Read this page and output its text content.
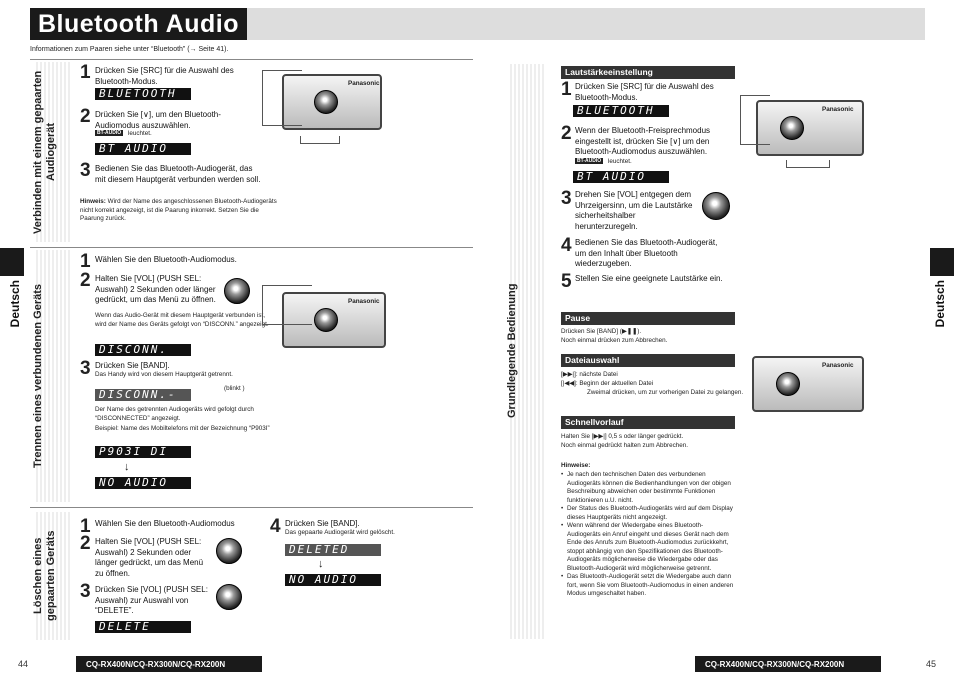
Bluetooth Audio
Informationen zum Paaren siehe unter “Bluetooth” (→ Seite 41).
Verbinden mit einem gepaarten Audiogerät
1 Drücken Sie [SRC] für die Auswahl des Bluetooth-Modus.
BLUETOOTH
2 Drücken Sie [∨], um den Bluetooth-Audiomodus auszuwählen.
BT-AUDIO	leuchtet.
BT AUDIO
3 Bedienen Sie das Bluetooth-Audiogerät, das mit diesem Hauptgerät verbunden werden soll.
Hinweis: Wird der Name des angeschlossenen Bluetooth-Audiogeräts nicht korrekt angezeigt, ist die Paarung inkorrekt. Setzen Sie die Paarung zurück.
Panasonic
Trennen eines verbundenen Geräts
Deutsch
1 Wählen Sie den Bluetooth-Audiomodus.
2 Halten Sie [VOL] (PUSH SEL: Auswahl) 2 Sekunden oder länger gedrückt, um das Menü zu öffnen.
Wenn das Audio-Gerät mit diesem Hauptgerät verbunden ist, wird der Name des Geräts gefolgt von “DISCONN.” angezeigt.
DISCONN.
3 Drücken Sie [BAND].
Das Handy wird von diesem Hauptgerät getrennt.
DISCONN.-	(blinkt )
Der Name des getrennten Audiogeräts wird gefolgt durch “DISCONNECTED” angezeigt.
Beispiel: Name des Mobiltelefons mit der Bezeichnung “P903I”
P903I DI
↓
NO AUDIO
Panasonic
Löschen eines gepaarten Geräts
1 Wählen Sie den Bluetooth-Audiomodus
2 Halten Sie [VOL] (PUSH SEL: Auswahl) 2 Sekunden oder länger gedrückt, um das Menü zu öffnen.
3 Drücken Sie [VOL] (PUSH SEL: Auswahl) zur Auswahl von “DELETE”.
DELETE
4 Drücken Sie [BAND].
Das gepaarte Audiogerät wird gelöscht.
DELETED
↓
NO AUDIO
44	CQ-RX400N/CQ-RX300N/CQ-RX200N
Grundlegende Bedienung
Lautstärkeeinstellung
1 Drücken Sie [SRC] für die Auswahl des Bluetooth-Modus.
BLUETOOTH
2 Wenn der Bluetooth-Freisprechmodus eingestellt ist, drücken Sie [∨] um den Bluetooth-Audiomodus auszuwählen.
BT-AUDIO	leuchtet.
BT AUDIO
3 Drehen Sie [VOL] entgegen dem Uhrzeigersinn, um die Lautstärke sicherheitshalber herunterzuregeln.
4 Bedienen Sie das Bluetooth-Audiogerät, um den Inhalt über Bluetooth wiederzugeben.
5 Stellen Sie eine geeignete Lautstärke ein.
Panasonic
Pause
Drücken Sie [BAND] (▶❚❚).
Noch einmal drücken zum Abbrechen.
Dateiauswahl
[▶▶|]: nächste Datei
[|◀◀]: Beginn der aktuellen Datei
Zweimal drücken, um zur vorherigen Datei zu gelangen.
Schnellvorlauf
Halten Sie [▶▶|] 0,5 s oder länger gedrückt.
Noch einmal gedrückt halten zum Abbrechen.
Panasonic
Hinweise:
• Je nach den technischen Daten des verbundenen Audiogeräts können die Bedienhandlungen von der obigen Beschreibung abweichen oder bestimmte Funktionen funktionieren u.U. nicht.
• Der Status des Bluetooth-Audiogeräts wird auf dem Display dieses Hauptgeräts nicht angezeigt.
• Wenn während der Wiedergabe eines Bluetooth-Audiogeräts ein Anruf eingeht und dieses Gerät nach dem Ende des Anrufs zum Bluetooth-Audiomodus zurückkehrt, stoppt abhängig von den Spezifikationen des Bluetooth-Audiogeräts möglicherweise die Wiedergabe oder das Bluetooth-Audiogerät wird möglicherweise getrennt.
• Das Bluetooth-Audiogerät setzt die Wiedergabe auch dann fort, wenn Sie vom Bluetooth-Audiomodus in einen anderen Modus umgeschaltet haben.
Deutsch
CQ-RX400N/CQ-RX300N/CQ-RX200N	45
